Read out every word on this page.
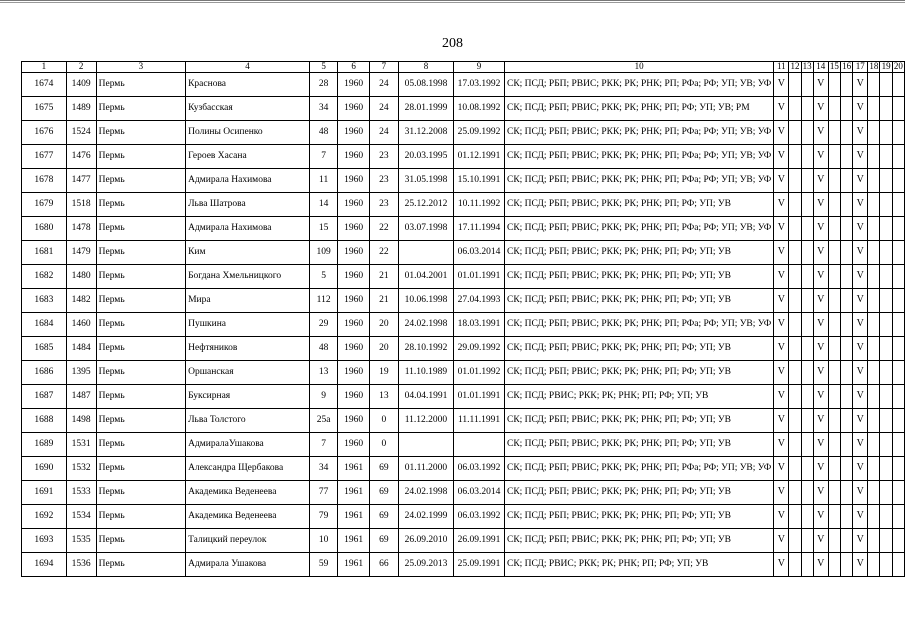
208
1	2	3	4	5	6	7	8	9	10	11	12	13	14	15	16	17	18	19	20
1674	1409	Пермь	Краснова	28	1960	24	05.08.1998	17.03.1992	СК; ПСД; РБП; РВИС; РКК; РК; РНК; РП; РФа; РФ; УП; УВ; УФ	V			V			V			
1675	1489	Пермь	Кузбасская	34	1960	24	28.01.1999	10.08.1992	СК; ПСД; РБП; РВИС; РКК; РК; РНК; РП; РФ; УП; УВ; РМ	V			V			V			
1676	1524	Пермь	Полины Осипенко	48	1960	24	31.12.2008	25.09.1992	СК; ПСД; РБП; РВИС; РКК; РК; РНК; РП; РФа; РФ; УП; УВ; УФ	V			V			V			
1677	1476	Пермь	Героев Хасана	7	1960	23	20.03.1995	01.12.1991	СК; ПСД; РБП; РВИС; РКК; РК; РНК; РП; РФа; РФ; УП; УВ; УФ	V			V			V			
1678	1477	Пермь	Адмирала Нахимова	11	1960	23	31.05.1998	15.10.1991	СК; ПСД; РБП; РВИС; РКК; РК; РНК; РП; РФа; РФ; УП; УВ; УФ	V			V			V			
1679	1518	Пермь	Льва Шатрова	14	1960	23	25.12.2012	10.11.1992	СК; ПСД; РБП; РВИС; РКК; РК; РНК; РП; РФ; УП; УВ	V			V			V			
1680	1478	Пермь	Адмирала Нахимова	15	1960	22	03.07.1998	17.11.1994	СК; ПСД; РБП; РВИС; РКК; РК; РНК; РП; РФа; РФ; УП; УВ; УФ	V			V			V			
1681	1479	Пермь	Ким	109	1960	22		06.03.2014	СК; ПСД; РБП; РВИС; РКК; РК; РНК; РП; РФ; УП; УВ	V			V			V			
1682	1480	Пермь	Богдана Хмельницкого	5	1960	21	01.04.2001	01.01.1991	СК; ПСД; РБП; РВИС; РКК; РК; РНК; РП; РФ; УП; УВ	V			V			V			
1683	1482	Пермь	Мира	112	1960	21	10.06.1998	27.04.1993	СК; ПСД; РБП; РВИС; РКК; РК; РНК; РП; РФ; УП; УВ	V			V			V			
1684	1460	Пермь	Пушкина	29	1960	20	24.02.1998	18.03.1991	СК; ПСД; РБП; РВИС; РКК; РК; РНК; РП; РФа; РФ; УП; УВ; УФ	V			V			V			
1685	1484	Пермь	Нефтяников	48	1960	20	28.10.1992	29.09.1992	СК; ПСД; РБП; РВИС; РКК; РК; РНК; РП; РФ; УП; УВ	V			V			V			
1686	1395	Пермь	Оршанская	13	1960	19	11.10.1989	01.01.1992	СК; ПСД; РБП; РВИС; РКК; РК; РНК; РП; РФ; УП; УВ	V			V			V			
1687	1487	Пермь	Буксирная	9	1960	13	04.04.1991	01.01.1991	СК; ПСД; РВИС; РКК; РК; РНК; РП; РФ; УП; УВ	V			V			V			
1688	1498	Пермь	Льва Толстого	25а	1960	0	11.12.2000	11.11.1991	СК; ПСД; РБП; РВИС; РКК; РК; РНК; РП; РФ; УП; УВ	V			V			V			
1689	1531	Пермь	АдмиралаУшакова	7	1960	0			СК; ПСД; РБП; РВИС; РКК; РК; РНК; РП; РФ; УП; УВ	V			V			V			
1690	1532	Пермь	Александра Щербакова	34	1961	69	01.11.2000	06.03.1992	СК; ПСД; РБП; РВИС; РКК; РК; РНК; РП; РФа; РФ; УП; УВ; УФ	V			V			V			
1691	1533	Пермь	Академика Веденеева	77	1961	69	24.02.1998	06.03.2014	СК; ПСД; РБП; РВИС; РКК; РК; РНК; РП; РФ; УП; УВ	V			V			V			
1692	1534	Пермь	Академика Веденеева	79	1961	69	24.02.1999	06.03.1992	СК; ПСД; РБП; РВИС; РКК; РК; РНК; РП; РФ; УП; УВ	V			V			V			
1693	1535	Пермь	Талицкий переулок	10	1961	69	26.09.2010	26.09.1991	СК; ПСД; РБП; РВИС; РКК; РК; РНК; РП; РФ; УП; УВ	V			V			V			
1694	1536	Пермь	Адмирала Ушакова	59	1961	66	25.09.2013	25.09.1991	СК; ПСД; РВИС; РКК; РК; РНК; РП; РФ; УП; УВ	V			V			V			
